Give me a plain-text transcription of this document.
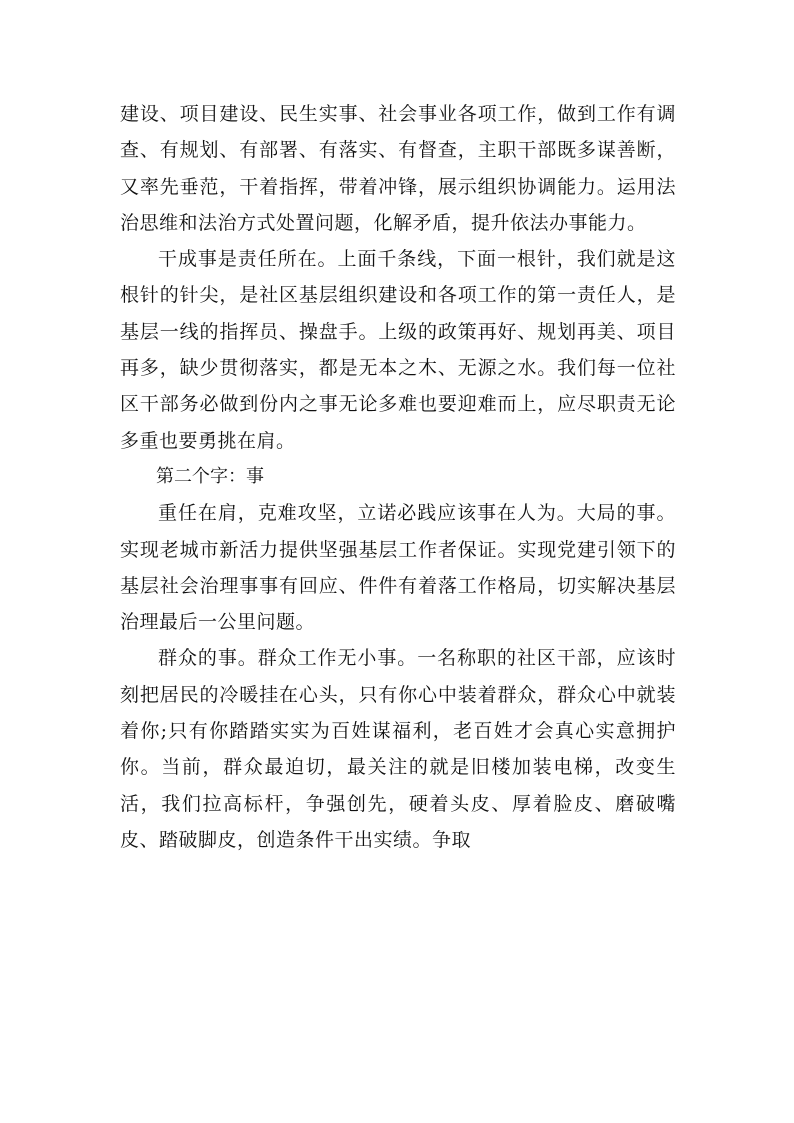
建设、项目建设、民生实事、社会事业各项工作，做到工作有调查、有规划、有部署、有落实、有督查，主职干部既多谋善断，又率先垂范，干着指挥，带着冲锋，展示组织协调能力。运用法治思维和法治方式处置问题，化解矛盾，提升依法办事能力。

干成事是责任所在。上面千条线，下面一根针，我们就是这根针的针尖，是社区基层组织建设和各项工作的第一责任人，是基层一线的指挥员、操盘手。上级的政策再好、规划再美、项目再多，缺少贯彻落实，都是无本之木、无源之水。我们每一位社区干部务必做到份内之事无论多难也要迎难而上，应尽职责无论多重也要勇挑在肩。

第二个字：事

重任在肩，克难攻坚，立诺必践应该事在人为。大局的事。实现老城市新活力提供坚强基层工作者保证。实现党建引领下的基层社会治理事事有回应、件件有着落工作格局，切实解决基层治理最后一公里问题。

群众的事。群众工作无小事。一名称职的社区干部，应该时刻把居民的冷暖挂在心头，只有你心中装着群众，群众心中就装着你;只有你踏踏实实为百姓谋福利，老百姓才会真心实意拥护你。当前，群众最迫切，最关注的就是旧楼加装电梯，改变生活，我们拉高标杆，争强创先，硬着头皮、厚着脸皮、磨破嘴皮、踏破脚皮，创造条件干出实绩。争取
